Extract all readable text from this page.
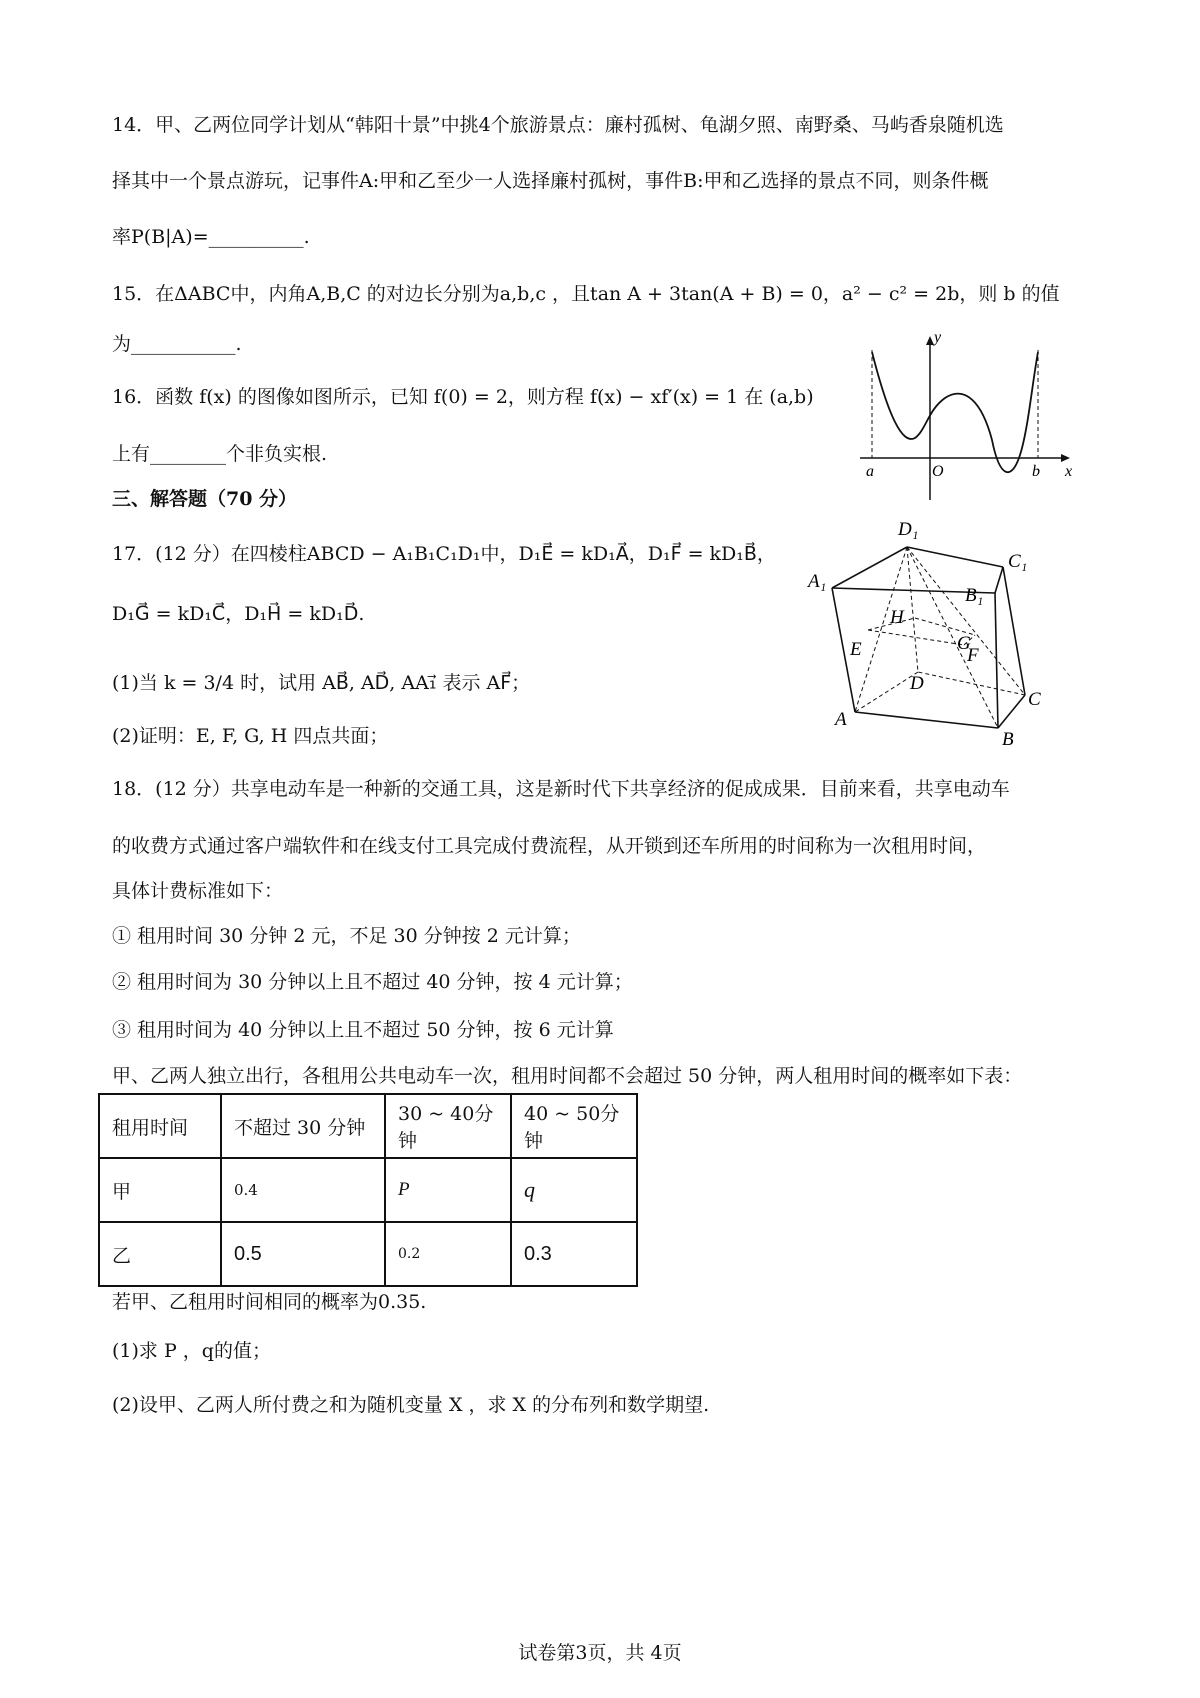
14．甲、乙两位同学计划从“韩阳十景”中挑4个旅游景点：廉村孤树、龟湖夕照、南野桑、马屿香泉随机选
择其中一个景点游玩，记事件A:甲和乙至少一人选择廉村孤树，事件B:甲和乙选择的景点不同，则条件概
率P(B|A)=__________.
15．在ΔABC中，内角A,B,C 的对边长分别为a,b,c ，且tan A + 3tan(A + B) = 0，a² − c² = 2b，则 b 的值
为___________.
16．函数 f(x) 的图像如图所示，已知 f(0) = 2，则方程 f(x) − xf′(x) = 1 在 (a,b)
上有________个非负实根.
y
x
a	O	b
三、解答题（70 分）
17．(12 分）在四棱柱ABCD − A₁B₁C₁D₁中，D₁E⃗ = kD₁A⃗，D₁F⃗ = kD₁B⃗，
D₁G⃗ = kD₁C⃗，D₁H⃗ = kD₁D⃗.
(1)当 k = 3/4 时，试用 AB⃗, AD⃗, AA₁⃗ 表示 AF⃗；
(2)证明：E, F, G, H 四点共面；
D₁
C₁
A₁
B₁
H
G
E	F
D
C
A
B
18．(12 分）共享电动车是一种新的交通工具，这是新时代下共享经济的促成成果．目前来看，共享电动车
的收费方式通过客户端软件和在线支付工具完成付费流程，从开锁到还车所用的时间称为一次租用时间，
具体计费标准如下：
① 租用时间 30 分钟 2 元，不足 30 分钟按 2 元计算；
② 租用时间为 30 分钟以上且不超过 40 分钟，按 4 元计算；
③ 租用时间为 40 分钟以上且不超过 50 分钟，按 6 元计算
甲、乙两人独立出行，各租用公共电动车一次，租用时间都不会超过 50 分钟，两人租用时间的概率如下表：
租用时间	不超过 30 分钟	30 ~ 40分钟	40 ~ 50分钟
甲	0.4	P	q
乙	0.5	0.2	0.3
若甲、乙租用时间相同的概率为0.35.
(1)求 P ，q的值；
(2)设甲、乙两人所付费之和为随机变量 X ，求 X 的分布列和数学期望.
试卷第3页，共 4页
